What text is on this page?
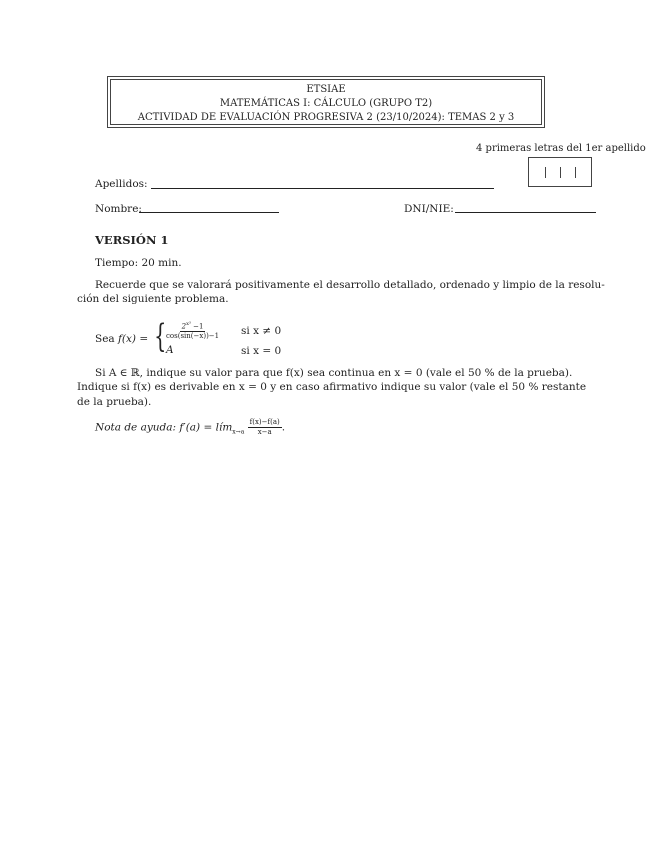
ETSIAE
MATEMÁTICAS I: CÁLCULO (GRUPO T2)
ACTIVIDAD DE EVALUACIÓN PROGRESIVA 2 (23/10/2024): TEMAS 2 y 3
4 primeras letras del 1er apellido
Apellidos:
Nombre:	DNI/NIE:
VERSIÓN 1
Tiempo: 20 min.
Recuerde que se valorará positivamente el desarrollo detallado, ordenado y limpio de la resolu-
ción del siguiente problema.
Sea f(x) = {
$\frac{2^{x^3} -1}{\cos(\sin(-x))-1}$ si x ≠ 0
A	si x = 0
Si A ∈ ℝ, indique su valor para que f(x) sea continua en x = 0 (vale el 50 % de la prueba).
Indique si f(x) es derivable en x = 0 y en caso afirmativo indique su valor (vale el 50 % restante
de la prueba).
Nota de ayuda: f′(a) = lím$_{x\to a}$ $\frac{f(x)-f(a)}{x-a}$ .
